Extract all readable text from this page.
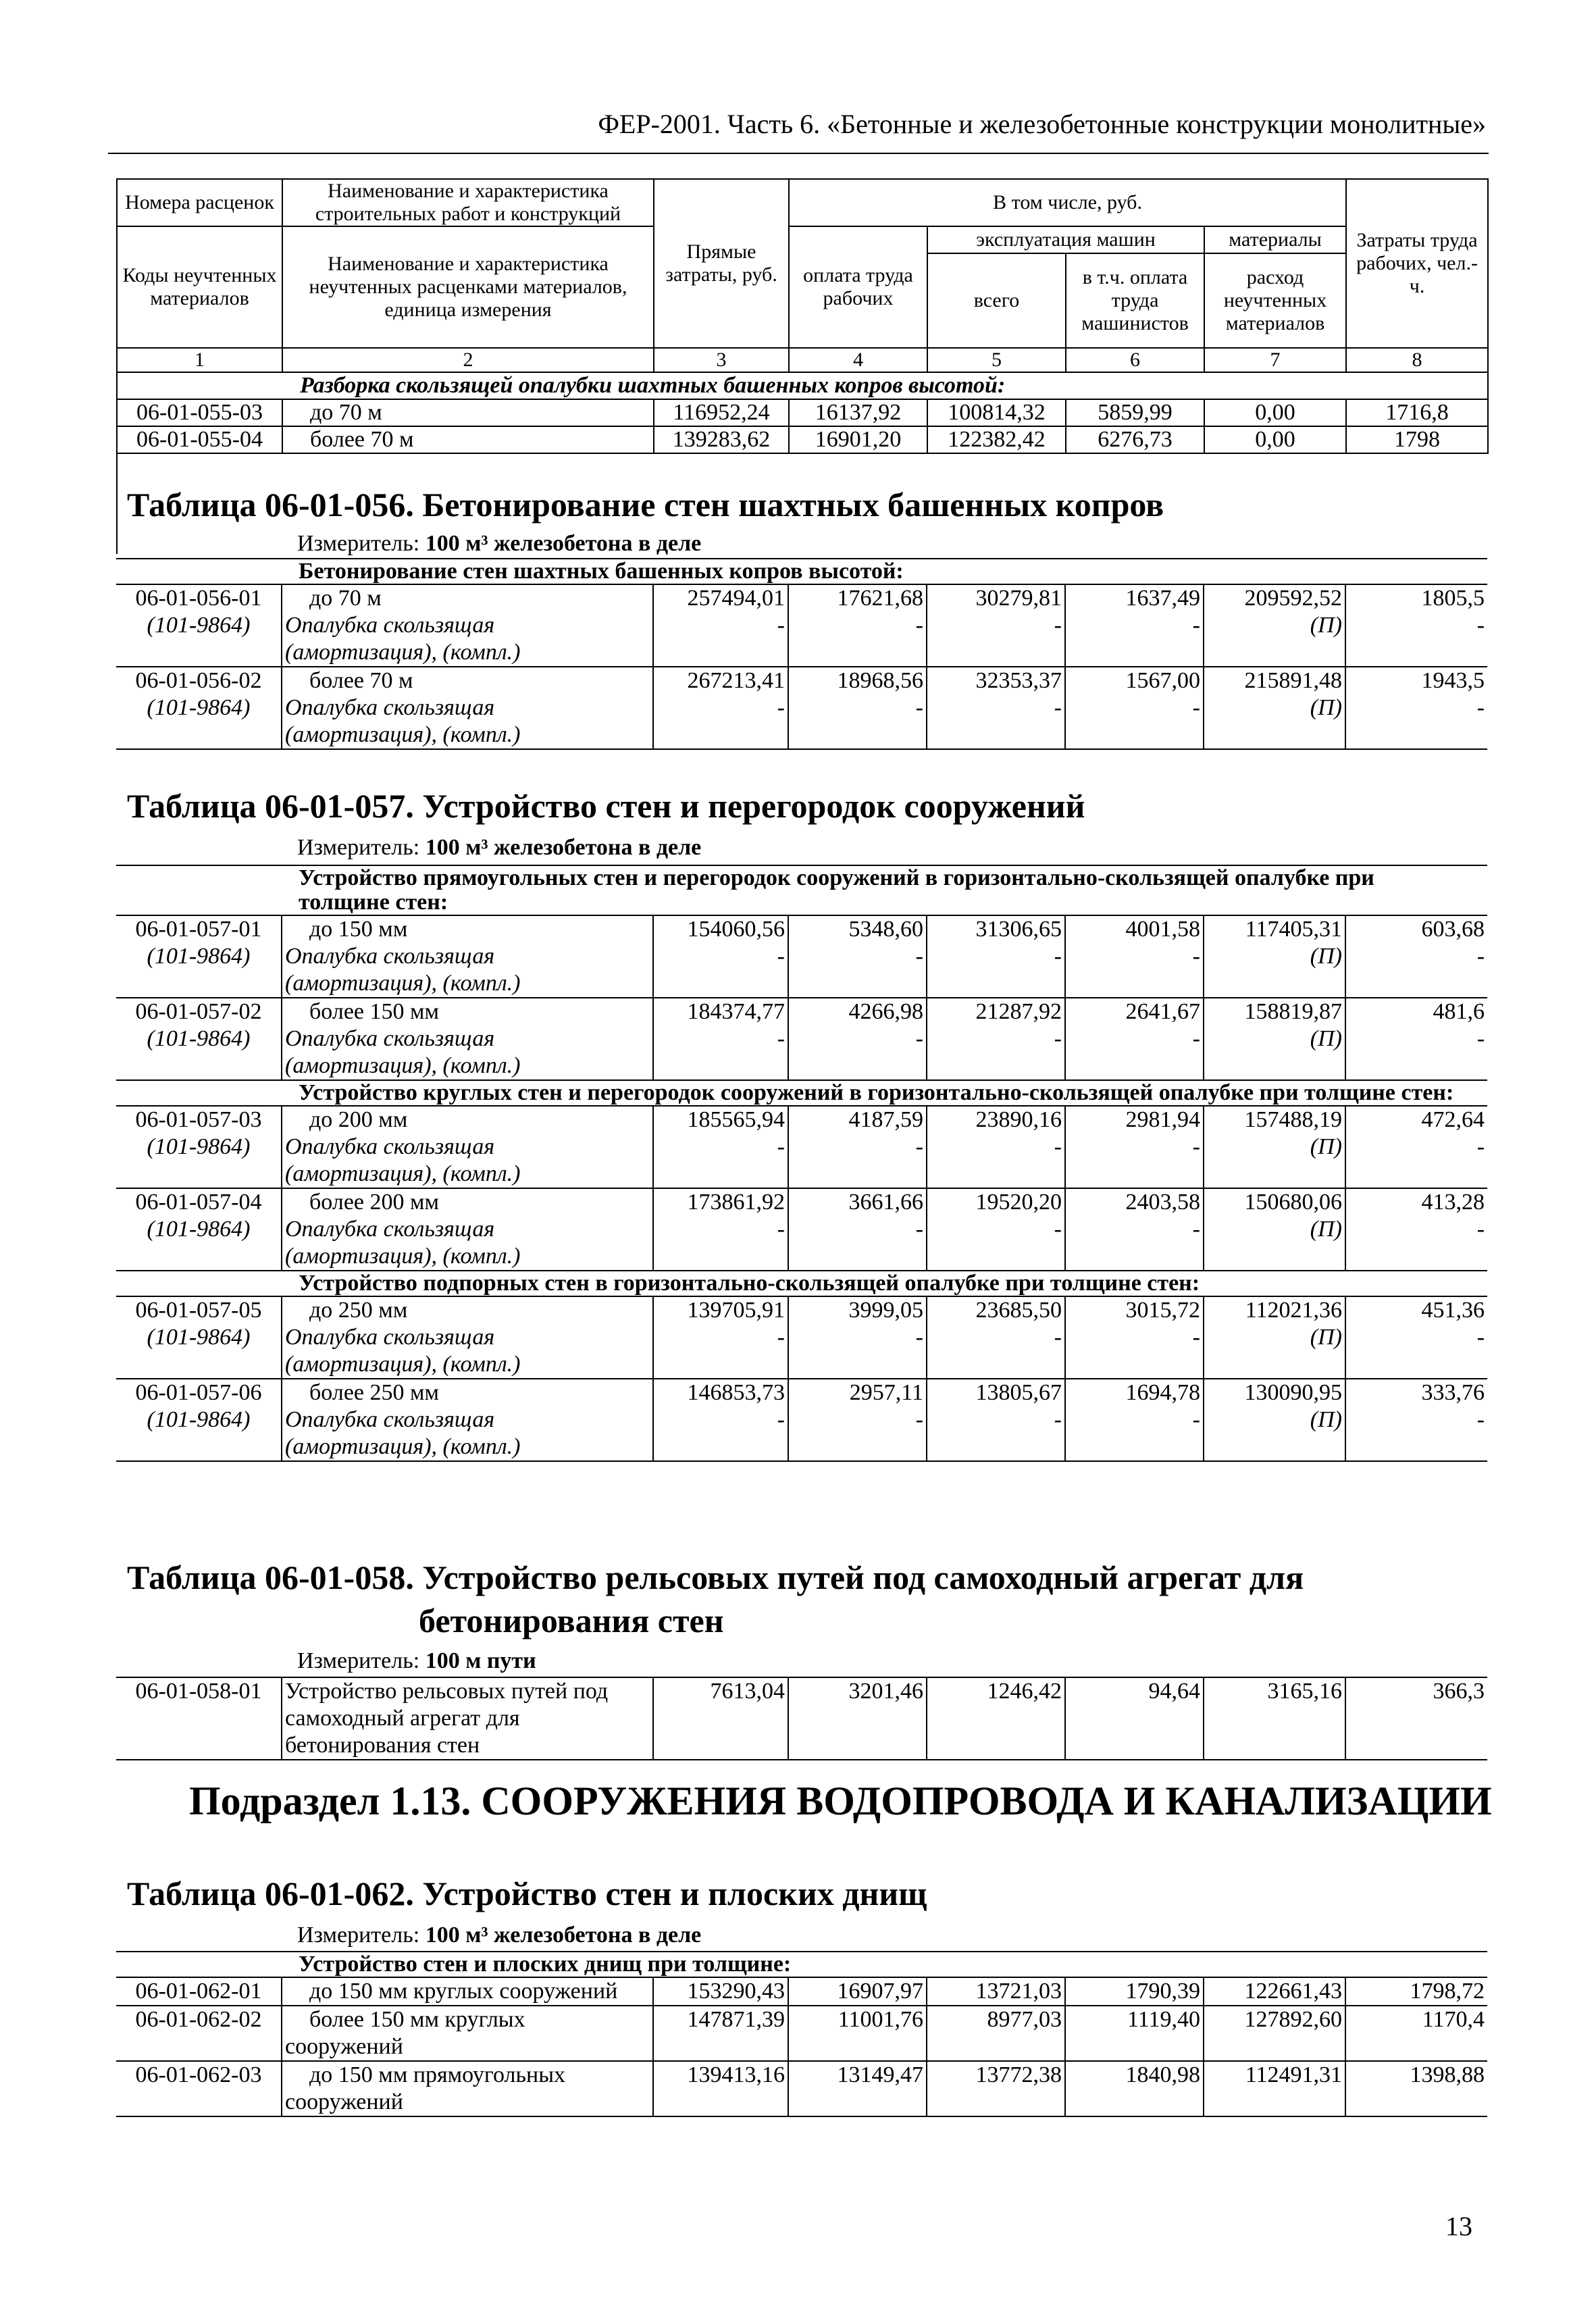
ФЕР-2001. Часть 6. «Бетонные и железобетонные конструкции монолитные»
Номера расценок	Наименование и характеристика строительных работ и конструкций	Прямые затраты, руб.	В том числе, руб.				Затраты труда рабочих, чел.-ч.
Коды неучтенных материалов	Наименование и характеристика неучтенных расценками материалов, единица измерения		оплата труда рабочих	эксплуатация машин		материалы	
				всего	в т.ч. оплата труда машинистов	расход неучтенных материалов	
1	2	3	4	5	6	7	8
Разборка скользящей опалубки шахтных башенных копров высотой:							
06-01-055-03	до 70 м	116952,24	16137,92	100814,32	5859,99	0,00	1716,8
06-01-055-04	более 70 м	139283,62	16901,20	122382,42	6276,73	0,00	1798
Таблица 06-01-056. Бетонирование стен шахтных башенных копров
Измеритель: 100 м³ железобетона в деле
Бетонирование стен шахтных башенных копров высотой:							
06-01-056-01	до 70 м	257494,01	17621,68	30279,81	1637,49	209592,52	1805,5
(101-9864)	Опалубка скользящая
(амортизация), (компл.)	-	-	-	-	(П)	-
06-01-056-02	более 70 м	267213,41	18968,56	32353,37	1567,00	215891,48	1943,5
(101-9864)	Опалубка скользящая
(амортизация), (компл.)	-	-	-	-	(П)	-
Таблица 06-01-057. Устройство стен и перегородок сооружений
Измеритель: 100 м³ железобетона в деле
Устройство прямоугольных стен и перегородок сооружений в горизонтально-скользящей опалубке при толщине стен:							
06-01-057-01	до 150 мм	154060,56	5348,60	31306,65	4001,58	117405,31	603,68
(101-9864)	Опалубка скользящая
(амортизация), (компл.)	-	-	-	-	(П)	-
06-01-057-02	более 150 мм	184374,77	4266,98	21287,92	2641,67	158819,87	481,6
(101-9864)	Опалубка скользящая
(амортизация), (компл.)	-	-	-	-	(П)	-
Устройство круглых стен и перегородок сооружений в горизонтально-скользящей опалубке при толщине стен:							
06-01-057-03	до 200 мм	185565,94	4187,59	23890,16	2981,94	157488,19	472,64
(101-9864)	Опалубка скользящая
(амортизация), (компл.)	-	-	-	-	(П)	-
06-01-057-04	более 200 мм	173861,92	3661,66	19520,20	2403,58	150680,06	413,28
(101-9864)	Опалубка скользящая
(амортизация), (компл.)	-	-	-	-	(П)	-
Устройство подпорных стен в горизонтально-скользящей опалубке при толщине стен:							
06-01-057-05	до 250 мм	139705,91	3999,05	23685,50	3015,72	112021,36	451,36
(101-9864)	Опалубка скользящая
(амортизация), (компл.)	-	-	-	-	(П)	-
06-01-057-06	более 250 мм	146853,73	2957,11	13805,67	1694,78	130090,95	333,76
(101-9864)	Опалубка скользящая
(амортизация), (компл.)	-	-	-	-	(П)	-
Таблица 06-01-058. Устройство рельсовых путей под самоходный агрегат для
бетонирования стен
Измеритель: 100 м пути
06-01-058-01	Устройство рельсовых путей под
самоходный агрегат для
бетонирования стен	7613,04	3201,46	1246,42	94,64	3165,16	366,3
Подраздел 1.13. СООРУЖЕНИЯ ВОДОПРОВОДА И КАНАЛИЗАЦИИ
Таблица 06-01-062. Устройство стен и плоских днищ
Измеритель: 100 м³ железобетона в деле
Устройство стен и плоских днищ при толщине:							
06-01-062-01	до 150 мм круглых сооружений	153290,43	16907,97	13721,03	1790,39	122661,43	1798,72
06-01-062-02	более 150 мм круглых
сооружений	147871,39	11001,76	8977,03	1119,40	127892,60	1170,4
06-01-062-03	до 150 мм прямоугольных
сооружений	139413,16	13149,47	13772,38	1840,98	112491,31	1398,88
13
